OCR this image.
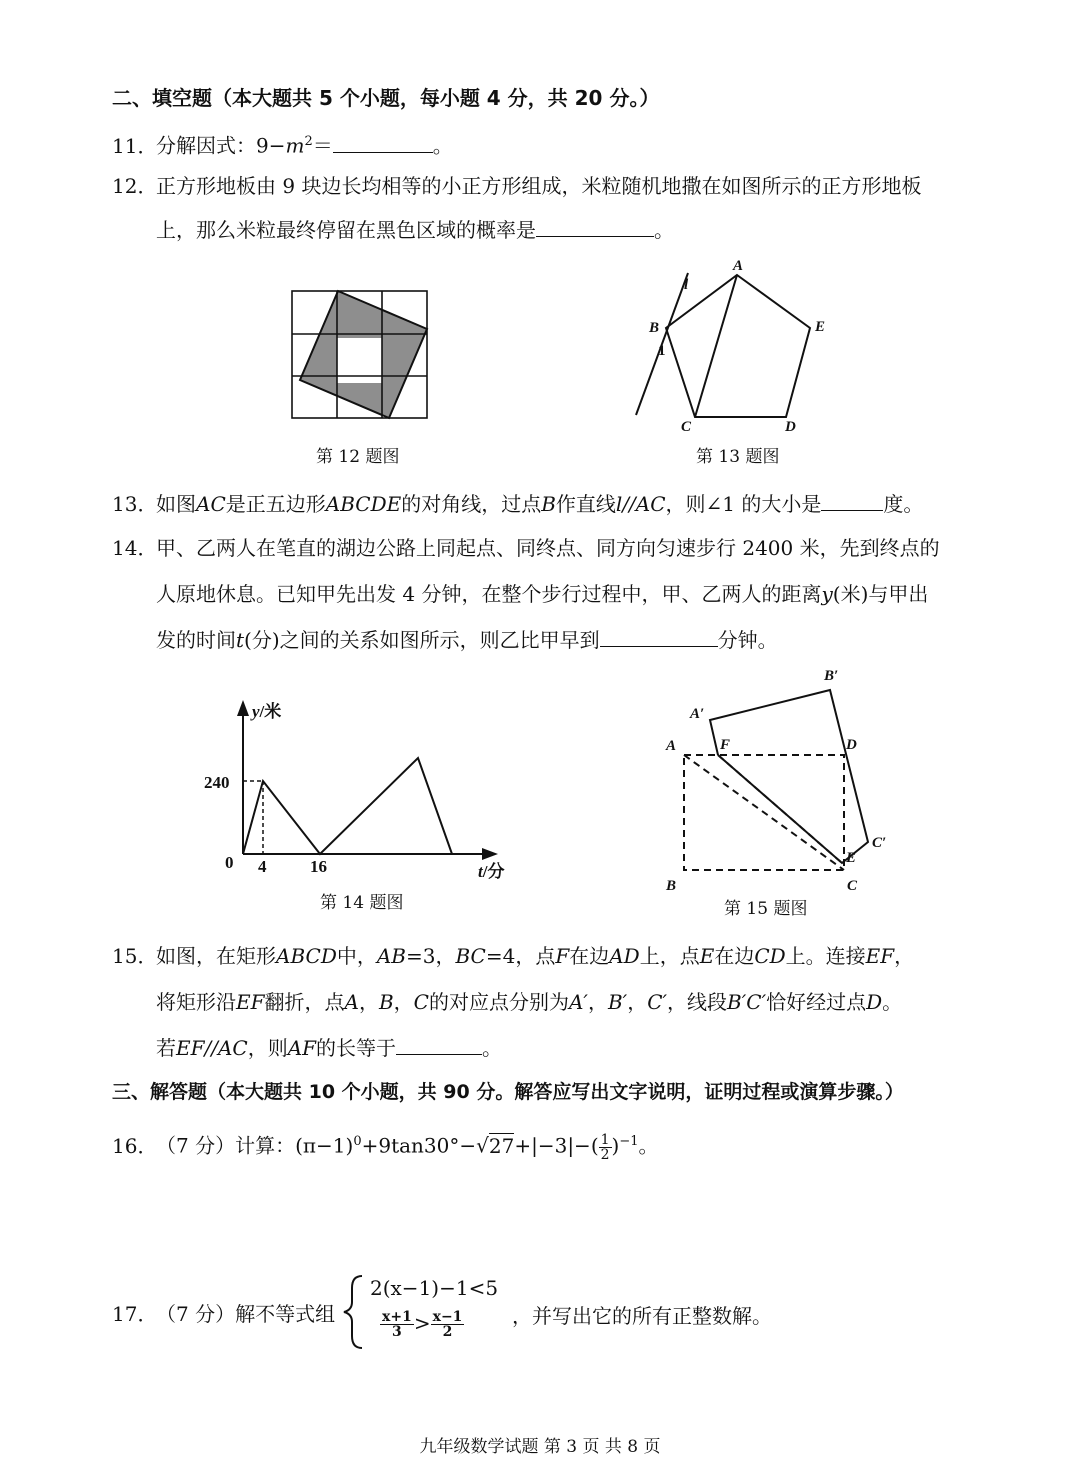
二、填空题（本大题共 5 个小题，每小题 4 分，共 20 分。）
11．分解因式：$9-m^2=$	。
12．正方形地板由 9 块边长均相等的小正方形组成，米粒随机地撒在如图所示的正方形地板
上，那么米粒最终停留在黑色区域的概率是	。
第 12 题图
A
B
C	D
E
l
1
第 13 题图
13．如图AC是正五边形ABCDE的对角线，过点B作直线l//AC，则∠1 的大小是	度。
14．甲、乙两人在笔直的湖边公路上同起点、同终点、同方向匀速步行 2400 米，先到终点的
人原地休息。已知甲先出发 4 分钟，在整个步行过程中，甲、乙两人的距离y(米)与甲出
发的时间t(分)之间的关系如图所示，则乙比甲早到	分钟。
y/米
t/分
240
0 4	16
第 14 题图
A
B	C
D
E
F
A′
B′
C′
第 15 题图
15．如图，在矩形ABCD中，AB=3，BC=4，点F在边AD上，点E在边CD上。连接EF，
将矩形沿EF翻折，点A，B，C的对应点分别为A′，B′，C′，线段B′C′恰好经过点D。
若EF//AC，则AF的长等于	。
三、解答题（本大题共 10 个小题，共 90 分。解答应写出文字说明，证明过程或演算步骤。）
16．（7 分）计算：$(\pi-1)^0+9\tan 30^\circ-√27+|-3|-( \frac{1}{2} )^{-1}$。
17．（7 分）解不等式组
2(x−1)−1<5
$\frac{x+1}{3} > \frac{x-1}{2}$ ，并写出它的所有正整数解。
九年级数学试题 第 3 页 共 8 页
